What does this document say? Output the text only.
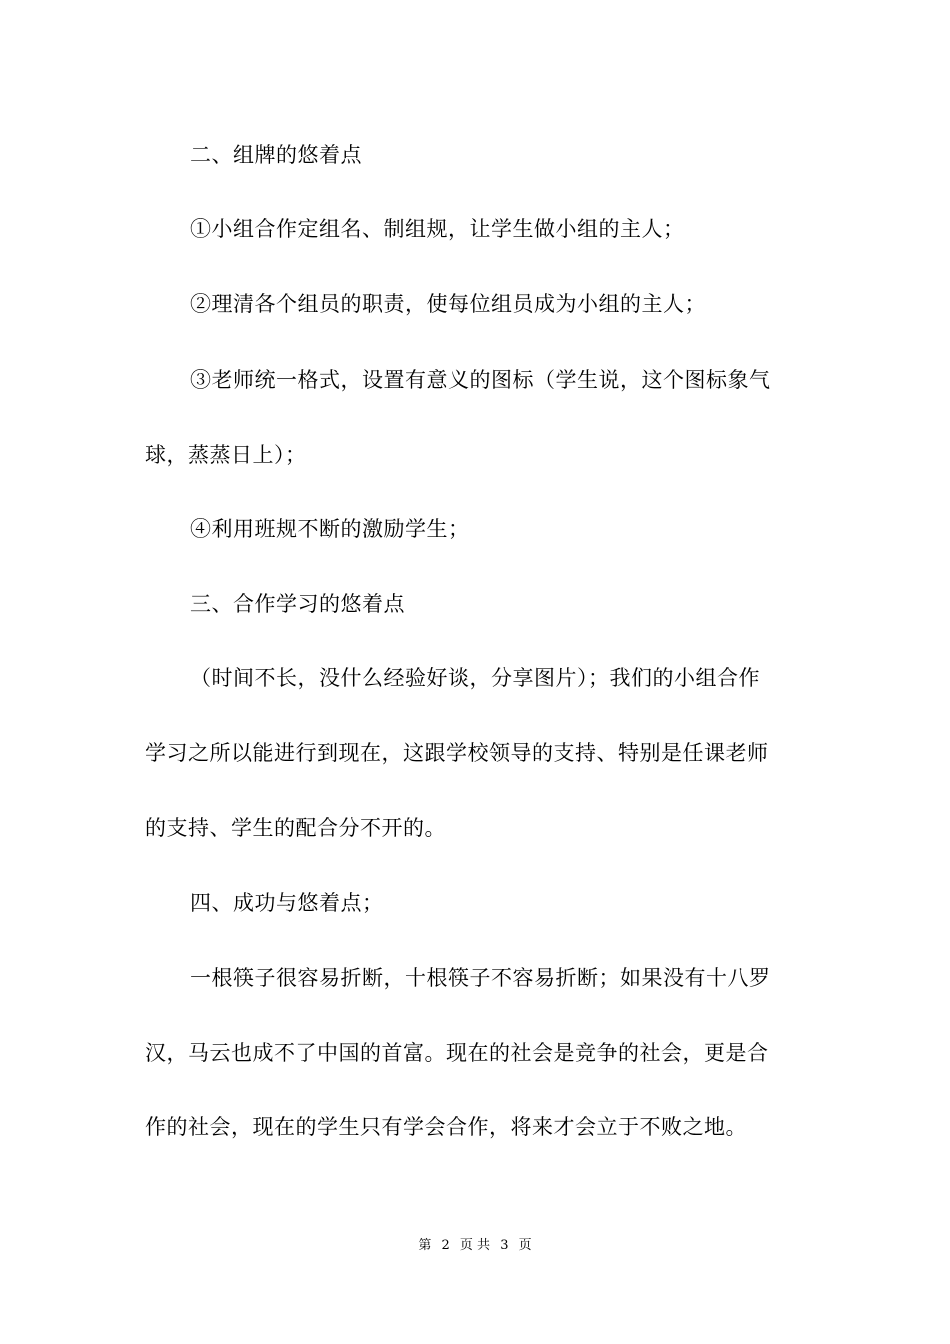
二、组牌的悠着点
①小组合作定组名、制组规，让学生做小组的主人；
②理清各个组员的职责，使每位组员成为小组的主人；
③老师统一格式，设置有意义的图标（学生说，这个图标象气
球，蒸蒸日上）；
④利用班规不断的激励学生；
三、合作学习的悠着点
（时间不长，没什么经验好谈，分享图片）；我们的小组合作
学习之所以能进行到现在，这跟学校领导的支持、特别是任课老师
的支持、学生的配合分不开的。
四、成功与悠着点；
一根筷子很容易折断，十根筷子不容易折断；如果没有十八罗
汉，马云也成不了中国的首富。现在的社会是竞争的社会，更是合
作的社会，现在的学生只有学会合作，将来才会立于不败之地。
第 2 页 共 3 页
